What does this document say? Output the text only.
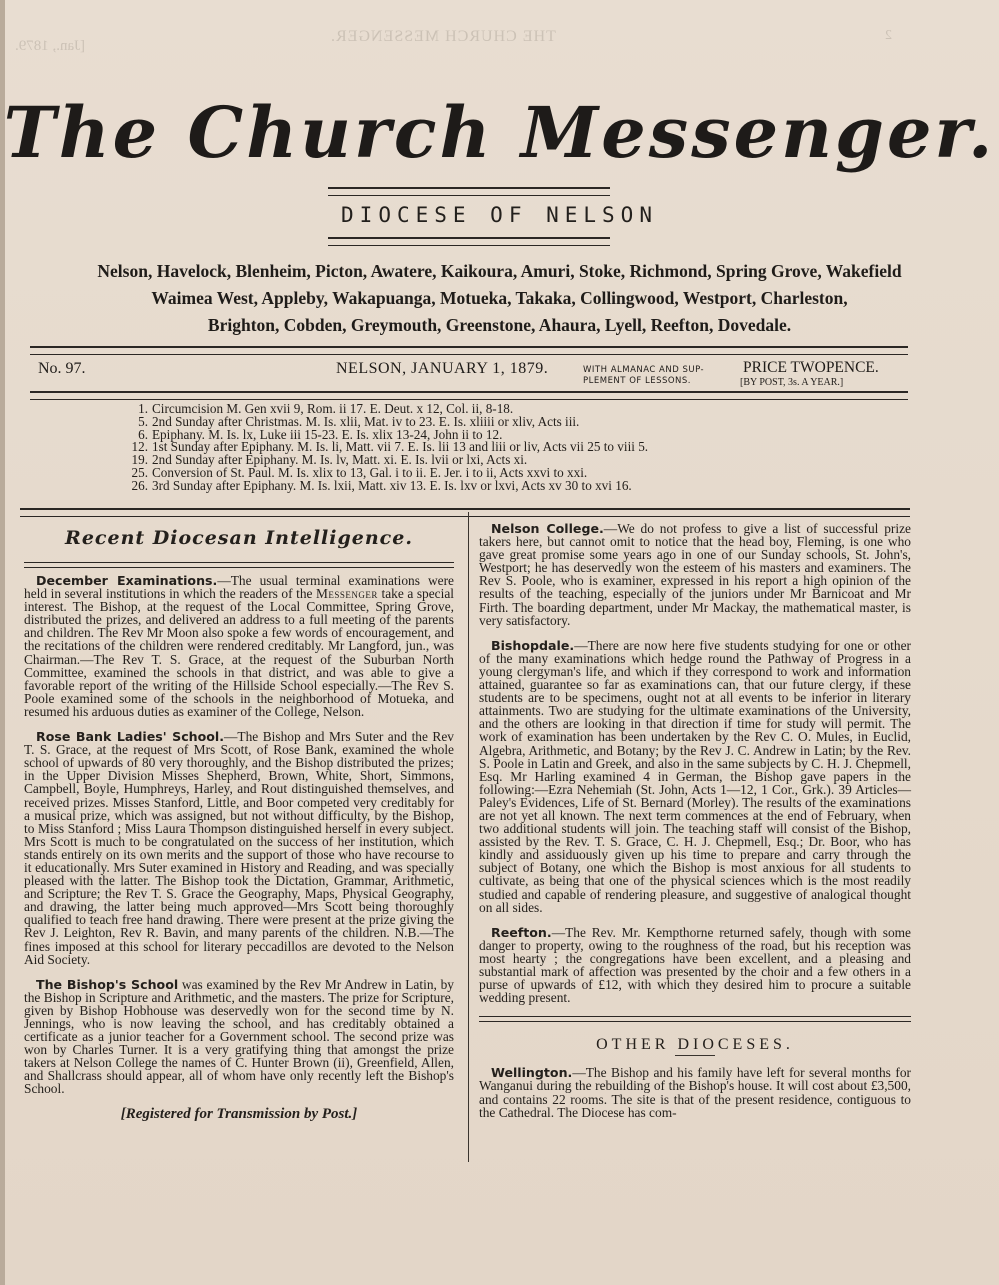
THE CHURCH MESSENGER.	2
[Jan., 1879.
The Church Messenger.
DIOCESE OF NELSON
Nelson, Havelock, Blenheim, Picton, Awatere, Kaikoura, Amuri, Stoke, Richmond, Spring Grove, Wakefield
Waimea West, Appleby, Wakapuanga, Motueka, Takaka, Collingwood, Westport, Charleston,
Brighton, Cobden, Greymouth, Greenstone, Ahaura, Lyell, Reefton, Dovedale.
No. 97.	NELSON, JANUARY 1, 1879.	WITH ALMANAC AND SUP-
PLEMENT OF LESSONS.
PRICE TWOPENCE.
[BY POST, 3s. A YEAR.]
1. Circumcision M. Gen xvii 9, Rom. ii 17. E. Deut. x 12, Col. ii, 8-18.
5. 2nd Sunday after Christmas. M. Is. xlii, Mat. iv to 23. E. Is. xliiii or xliv, Acts iii.
6. Epiphany. M. Is. lx, Luke iii 15-23. E. Is. xlix 13-24, John ii to 12.
12. 1st Sunday after Epiphany. M. Is. li, Matt. vii 7. E. Is. lii 13 and liii or liv, Acts vii 25 to viii 5.
19. 2nd Sunday after Epiphany. M. Is. lv, Matt. xi. E. Is. lvii or lxi, Acts xi.
25. Conversion of St. Paul. M. Is. xlix to 13, Gal. i to ii. E. Jer. i to ii, Acts xxvi to xxi.
26. 3rd Sunday after Epiphany. M. Is. lxii, Matt. xiv 13. E. Is. lxv or lxvi, Acts xv 30 to xvi 16.
Recent Diocesan Intelligence.

December Examinations.—The usual terminal examinations were held in several institutions in which the readers of the Messenger take a special interest. The Bishop, at the request of the Local Committee, Spring Grove, distributed the prizes, and delivered an address to a full meeting of the parents and children. The Rev Mr Moon also spoke a few words of encouragement, and the recitations of the children were rendered creditably. Mr Langford, jun., was Chairman.—The Rev T. S. Grace, at the request of the Suburban North Committee, examined the schools in that district, and was able to give a favorable report of the writing of the Hillside School especially.—The Rev S. Poole examined some of the schools in the neighborhood of Motueka, and resumed his arduous duties as examiner of the College, Nelson.

Rose Bank Ladies' School.—The Bishop and Mrs Suter and the Rev T. S. Grace, at the request of Mrs Scott, of Rose Bank, examined the whole school of upwards of 80 very thoroughly, and the Bishop distributed the prizes; in the Upper Division Misses Shepherd, Brown, White, Short, Simmons, Campbell, Boyle, Humphreys, Harley, and Rout distinguished themselves, and received prizes. Misses Stanford, Little, and Boor competed very creditably for a musical prize, which was assigned, but not without difficulty, by the Bishop, to Miss Stanford ; Miss Laura Thompson distinguished herself in every subject. Mrs Scott is much to be congratulated on the success of her institution, which stands entirely on its own merits and the support of those who have recourse to it educationally. Mrs Suter examined in History and Reading, and was specially pleased with the latter. The Bishop took the Dictation, Grammar, Arithmetic, and Scripture; the Rev T. S. Grace the Geography, Maps, Physical Geography, and drawing, the latter being much approved—Mrs Scott being thoroughly qualified to teach free hand drawing. There were present at the prize giving the Rev J. Leighton, Rev R. Bavin, and many parents of the children. N.B.—The fines imposed at this school for literary peccadillos are devoted to the Nelson Aid Society.

The Bishop's School was examined by the Rev Mr Andrew in Latin, by the Bishop in Scripture and Arithmetic, and the masters. The prize for Scripture, given by Bishop Hobhouse was deservedly won for the second time by N. Jennings, who is now leaving the school, and has creditably obtained a certificate as a junior teacher for a Government school. The second prize was won by Charles Turner. It is a very gratifying thing that amongst the prize takers at Nelson College the names of C. Hunter Brown (ii), Greenfield, Allen, and Shallcrass should appear, all of whom have only recently left the Bishop's School.

[Registered for Transmission by Post.]

Nelson College.—We do not profess to give a list of successful prize takers here, but cannot omit to notice that the head boy, Fleming, is one who gave great promise some years ago in one of our Sunday schools, St. John's, Westport; he has deservedly won the esteem of his masters and examiners. The Rev S. Poole, who is examiner, expressed in his report a high opinion of the results of the teaching, especially of the juniors under Mr Barnicoat and Mr Firth. The boarding department, under Mr Mackay, the mathematical master, is very satisfactory.

Bishopdale.—There are now here five students studying for one or other of the many examinations which hedge round the Pathway of Progress in a young clergyman's life, and which if they correspond to work and information attained, guarantee so far as examinations can, that our future clergy, if these students are to be specimens, ought not at all events to be inferior in literary attainments. Two are studying for the ultimate examinations of the University, and the others are looking in that direction if time for study will permit. The work of examination has been undertaken by the Rev C. O. Mules, in Euclid, Algebra, Arithmetic, and Botany; by the Rev J. C. Andrew in Latin; by the Rev. S. Poole in Latin and Greek, and also in the same subjects by C. H. J. Chepmell, Esq. Mr Harling examined 4 in German, the Bishop gave papers in the following:—Ezra Nehemiah (St. John, Acts 1—12, 1 Cor., Grk.). 39 Articles—Paley's Evidences, Life of St. Bernard (Morley). The results of the examinations are not yet all known. The next term commences at the end of February, when two additional students will join. The teaching staff will consist of the Bishop, assisted by the Rev. T. S. Grace, C. H. J. Chepmell, Esq.; Dr. Boor, who has kindly and assiduously given up his time to prepare and carry through the subject of Botany, one which the Bishop is most anxious for all students to cultivate, as being that one of the physical sciences which is the most readily studied and capable of rendering pleasure, and suggestive of analogical thought on all sides.

Reefton.—The Rev. Mr. Kempthorne returned safely, though with some danger to property, owing to the roughness of the road, but his reception was most hearty ; the congregations have been excellent, and a pleasing and substantial mark of affection was presented by the choir and a few others in a purse of upwards of £12, with which they desired him to procure a suitable wedding present.

OTHER DIOCESES.

Wellington.—The Bishop and his family have left for several months for Wanganui during the rebuilding of the Bishop's house. It will cost about £3,500, and contains 22 rooms. The site is that of the present residence, contiguous to the Cathedral. The Diocese has com-
